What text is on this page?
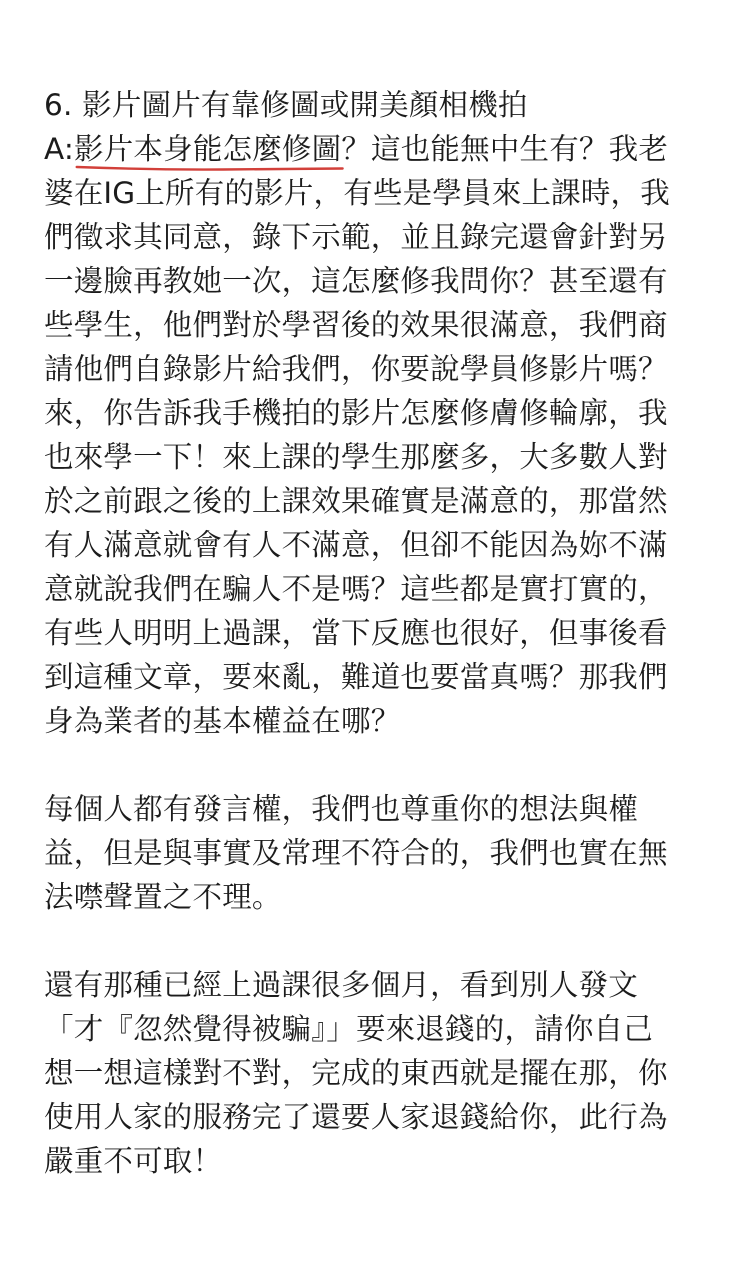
6. 影片圖片有靠修圖或開美顏相機拍
A:影片本身能怎麼修圖
？這也能無中生有？我老
婆在IG上所有的影片，有些是學員來上課時，我
們徵求其同意，錄下示範，並且錄完還會針對另
一邊臉再教她一次，這怎麼修我問你？甚至還有
些學生，他們對於學習後的效果很滿意，我們商
請他們自錄影片給我們，你要說學員修影片嗎？
來，你告訴我手機拍的影片怎麼修膚修輪廓，我
也來學一下！來上課的學生那麼多，大多數人對
於之前跟之後的上課效果確實是滿意的，那當然
有人滿意就會有人不滿意，但卻不能因為妳不滿
意就說我們在騙人不是嗎？這些都是實打實的，
有些人明明上過課，當下反應也很好，但事後看
到這種文章，要來亂，難道也要當真嗎？那我們
身為業者的基本權益在哪？
每個人都有發言權，我們也尊重你的想法與權
益，但是與事實及常理不符合的，我們也實在無
法噤聲置之不理。
還有那種已經上過課很多個月，看到別人發文
「才『忽然覺得被騙』」要來退錢的，請你自己
想一想這樣對不對，完成的東西就是擺在那，你
使用人家的服務完了還要人家退錢給你，此行為
嚴重不可取！
